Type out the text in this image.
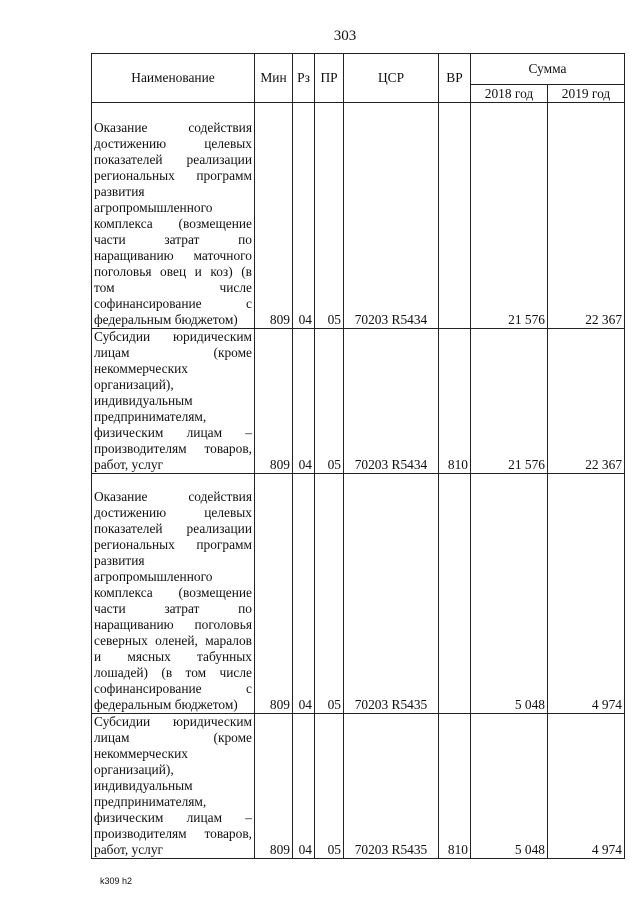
303
Наименование	Мин	Рз	ПР	ЦСР	ВР	Сумма	
						2018 год	2019 год
Оказание содействия достижению целевых показателей реализации региональных программ развития агропромышленного комплекса (возмещение части затрат по наращиванию маточного поголовья овец и коз) (в том числе софинансирование с федеральным бюджетом)	809	04	05	70203 R5434		21 576	22 367
Субсидии юридическим лицам (кроме некоммерческих организаций), индивидуальным предпринимателям, физическим лицам – производителям товаров, работ, услуг	809	04	05	70203 R5434	810	21 576	22 367
Оказание содействия достижению целевых показателей реализации региональных программ развития агропромышленного комплекса (возмещение части затрат по наращиванию поголовья северных оленей, маралов и мясных табунных лошадей) (в том числе софинансирование с федеральным бюджетом)	809	04	05	70203 R5435		5 048	4 974
Субсидии юридическим лицам (кроме некоммерческих организаций), индивидуальным предпринимателям, физическим лицам – производителям товаров, работ, услуг	809	04	05	70203 R5435	810	5 048	4 974
k309 h2
